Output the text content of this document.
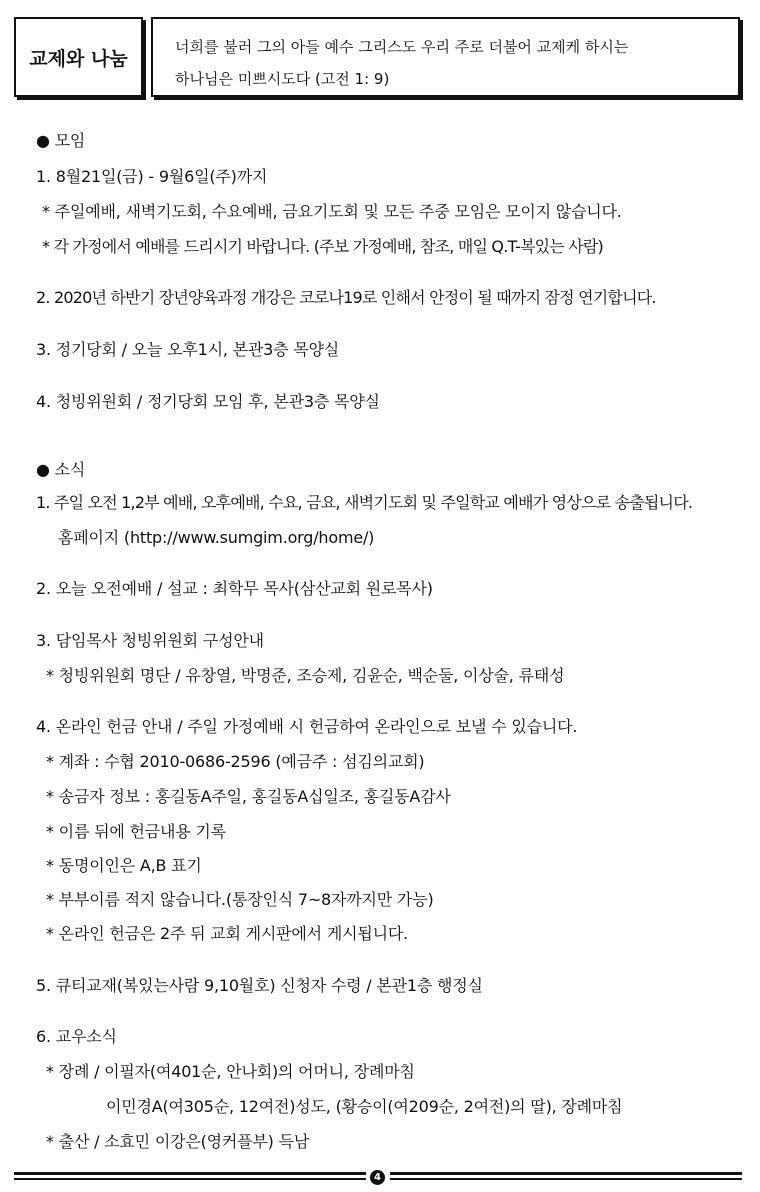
교제와 나눔
너희를 불러 그의 아들 예수 그리스도 우리 주로 더불어 교제케 하시는
하나님은 미쁘시도다 (고전 1: 9)
● 모임
1. 8월21일(금) - 9월6일(주)까지
* 주일예배, 새벽기도회, 수요예배, 금요기도회 및 모든 주중 모임은 모이지 않습니다.
* 각 가정에서 예배를 드리시기 바랍니다. (주보 가정예배, 참조, 매일 Q.T-복있는 사람)
2. 2020년 하반기 장년양육과정 개강은 코로나19로 인해서 안정이 될 때까지 잠정 연기합니다.
3. 정기당회 / 오늘 오후1시, 본관3층 목양실
4. 청빙위원회 / 정기당회 모임 후, 본관3층 목양실
● 소식
1. 주일 오전 1,2부 예배, 오후예배, 수요, 금요, 새벽기도회 및 주일학교 예배가 영상으로 송출됩니다.
홈페이지 (http://www.sumgim.org/home/)
2. 오늘 오전예배 / 설교 : 최학무 목사(삼산교회 원로목사)
3. 담임목사 청빙위원회 구성안내
* 청빙위원회 명단 / 유창열, 박명준, 조승제, 김윤순, 백순둘, 이상술, 류태성
4. 온라인 헌금 안내 / 주일 가정예배 시 헌금하여 온라인으로 보낼 수 있습니다.
* 계좌 : 수협 2010-0686-2596 (예금주 : 섬김의교회)
* 송금자 정보 : 홍길동A주일, 홍길동A십일조, 홍길동A감사
* 이름 뒤에 헌금내용 기록
* 동명이인은 A,B 표기
* 부부이름 적지 않습니다.(통장인식 7~8자까지만 가능)
* 온라인 헌금은 2주 뒤 교회 게시판에서 게시됩니다.
5. 큐티교재(복있는사람 9,10월호) 신청자 수령 / 본관1층 행정실
6. 교우소식
* 장례 / 이필자(여401순, 안나회)의 어머니, 장례마침
이민경A(여305순, 12여전)성도, (황승이(여209순, 2여전)의 딸), 장례마침
* 출산 / 소효민 이강은(영커플부) 득남
4
